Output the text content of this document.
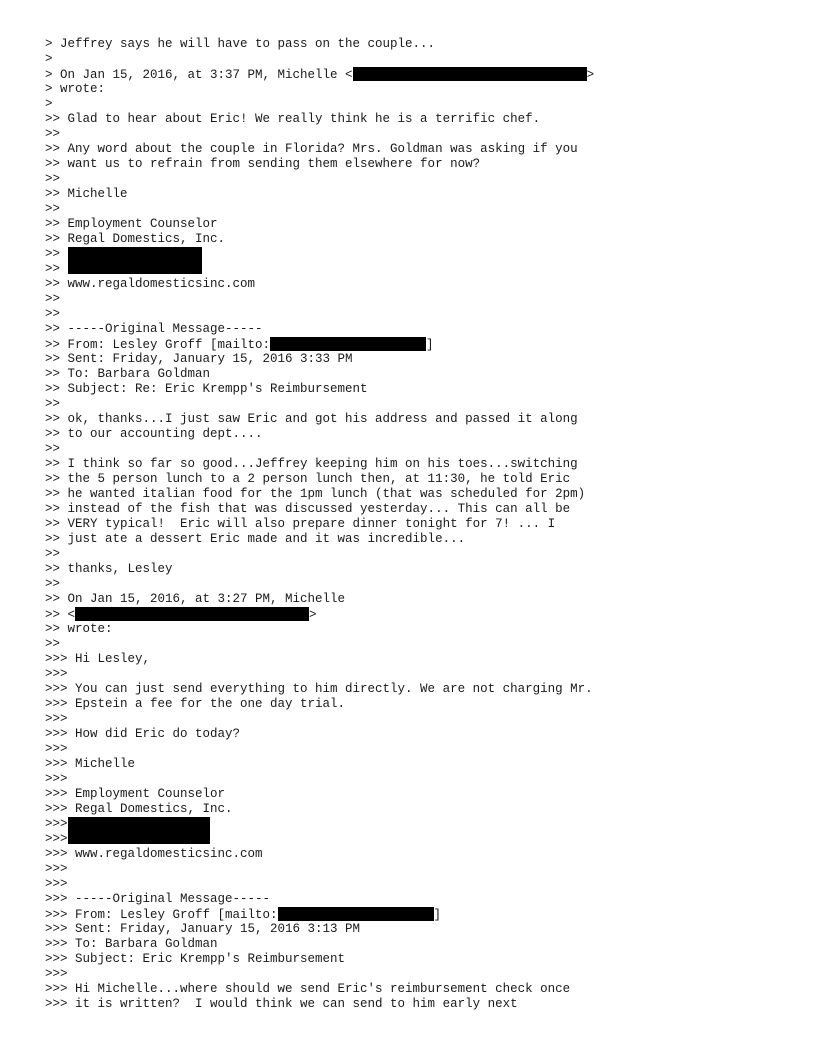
> Jeffrey says he will have to pass on the couple...
>
> On Jan 15, 2016, at 3:37 PM, Michelle <	>
> wrote:
>
>> Glad to hear about Eric! We really think he is a terrific chef.
>>
>> Any word about the couple in Florida? Mrs. Goldman was asking if you
>> want us to refrain from sending them elsewhere for now?
>>
>> Michelle
>>
>> Employment Counselor
>> Regal Domestics, Inc.
>>
>>
>> www.regaldomesticsinc.com
>>
>>
>> -----Original Message-----
>> From: Lesley Groff [mailto:	]
>> Sent: Friday, January 15, 2016 3:33 PM
>> To: Barbara Goldman
>> Subject: Re: Eric Krempp's Reimbursement
>>
>> ok, thanks...I just saw Eric and got his address and passed it along
>> to our accounting dept....
>>
>> I think so far so good...Jeffrey keeping him on his toes...switching
>> the 5 person lunch to a 2 person lunch then, at 11:30, he told Eric
>> he wanted italian food for the 1pm lunch (that was scheduled for 2pm)
>> instead of the fish that was discussed yesterday... This can all be
>> VERY typical!  Eric will also prepare dinner tonight for 7! ... I
>> just ate a dessert Eric made and it was incredible...
>>
>> thanks, Lesley
>>
>> On Jan 15, 2016, at 3:27 PM, Michelle
>> <	>
>> wrote:
>>
>>> Hi Lesley,
>>>
>>> You can just send everything to him directly. We are not charging Mr.
>>> Epstein a fee for the one day trial.
>>>
>>> How did Eric do today?
>>>
>>> Michelle
>>>
>>> Employment Counselor
>>> Regal Domestics, Inc.
>>>
>>>
>>> www.regaldomesticsinc.com
>>>
>>>
>>> -----Original Message-----
>>> From: Lesley Groff [mailto:	]
>>> Sent: Friday, January 15, 2016 3:13 PM
>>> To: Barbara Goldman
>>> Subject: Eric Krempp's Reimbursement
>>>
>>> Hi Michelle...where should we send Eric's reimbursement check once
>>> it is written?  I would think we can send to him early next
